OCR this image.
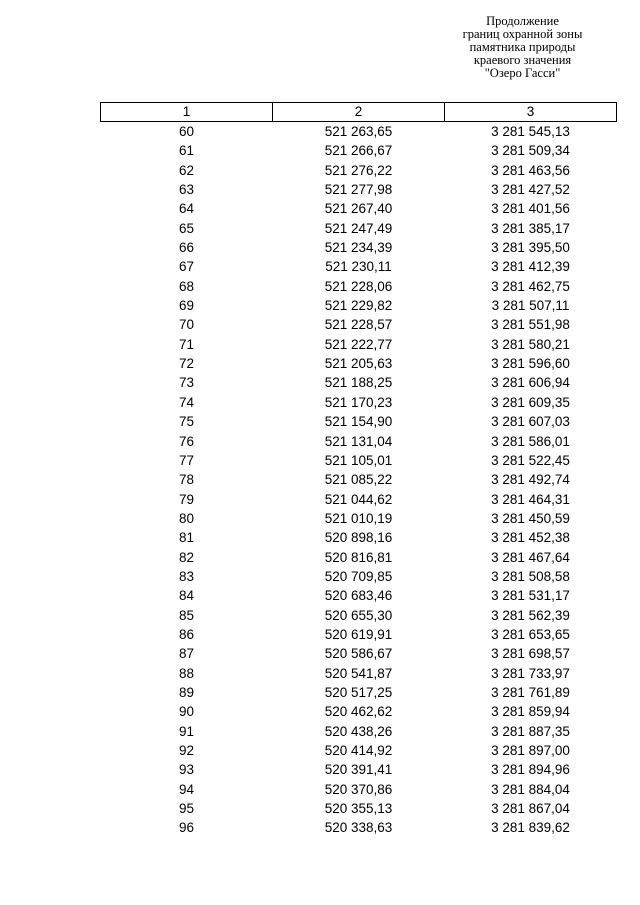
Продолжение
границ охранной зоны
памятника природы
краевого значения
"Озеро Гасси"
1	2	3
60	521 263,65	3 281 545,13
61	521 266,67	3 281 509,34
62	521 276,22	3 281 463,56
63	521 277,98	3 281 427,52
64	521 267,40	3 281 401,56
65	521 247,49	3 281 385,17
66	521 234,39	3 281 395,50
67	521 230,11	3 281 412,39
68	521 228,06	3 281 462,75
69	521 229,82	3 281 507,11
70	521 228,57	3 281 551,98
71	521 222,77	3 281 580,21
72	521 205,63	3 281 596,60
73	521 188,25	3 281 606,94
74	521 170,23	3 281 609,35
75	521 154,90	3 281 607,03
76	521 131,04	3 281 586,01
77	521 105,01	3 281 522,45
78	521 085,22	3 281 492,74
79	521 044,62	3 281 464,31
80	521 010,19	3 281 450,59
81	520 898,16	3 281 452,38
82	520 816,81	3 281 467,64
83	520 709,85	3 281 508,58
84	520 683,46	3 281 531,17
85	520 655,30	3 281 562,39
86	520 619,91	3 281 653,65
87	520 586,67	3 281 698,57
88	520 541,87	3 281 733,97
89	520 517,25	3 281 761,89
90	520 462,62	3 281 859,94
91	520 438,26	3 281 887,35
92	520 414,92	3 281 897,00
93	520 391,41	3 281 894,96
94	520 370,86	3 281 884,04
95	520 355,13	3 281 867,04
96	520 338,63	3 281 839,62
